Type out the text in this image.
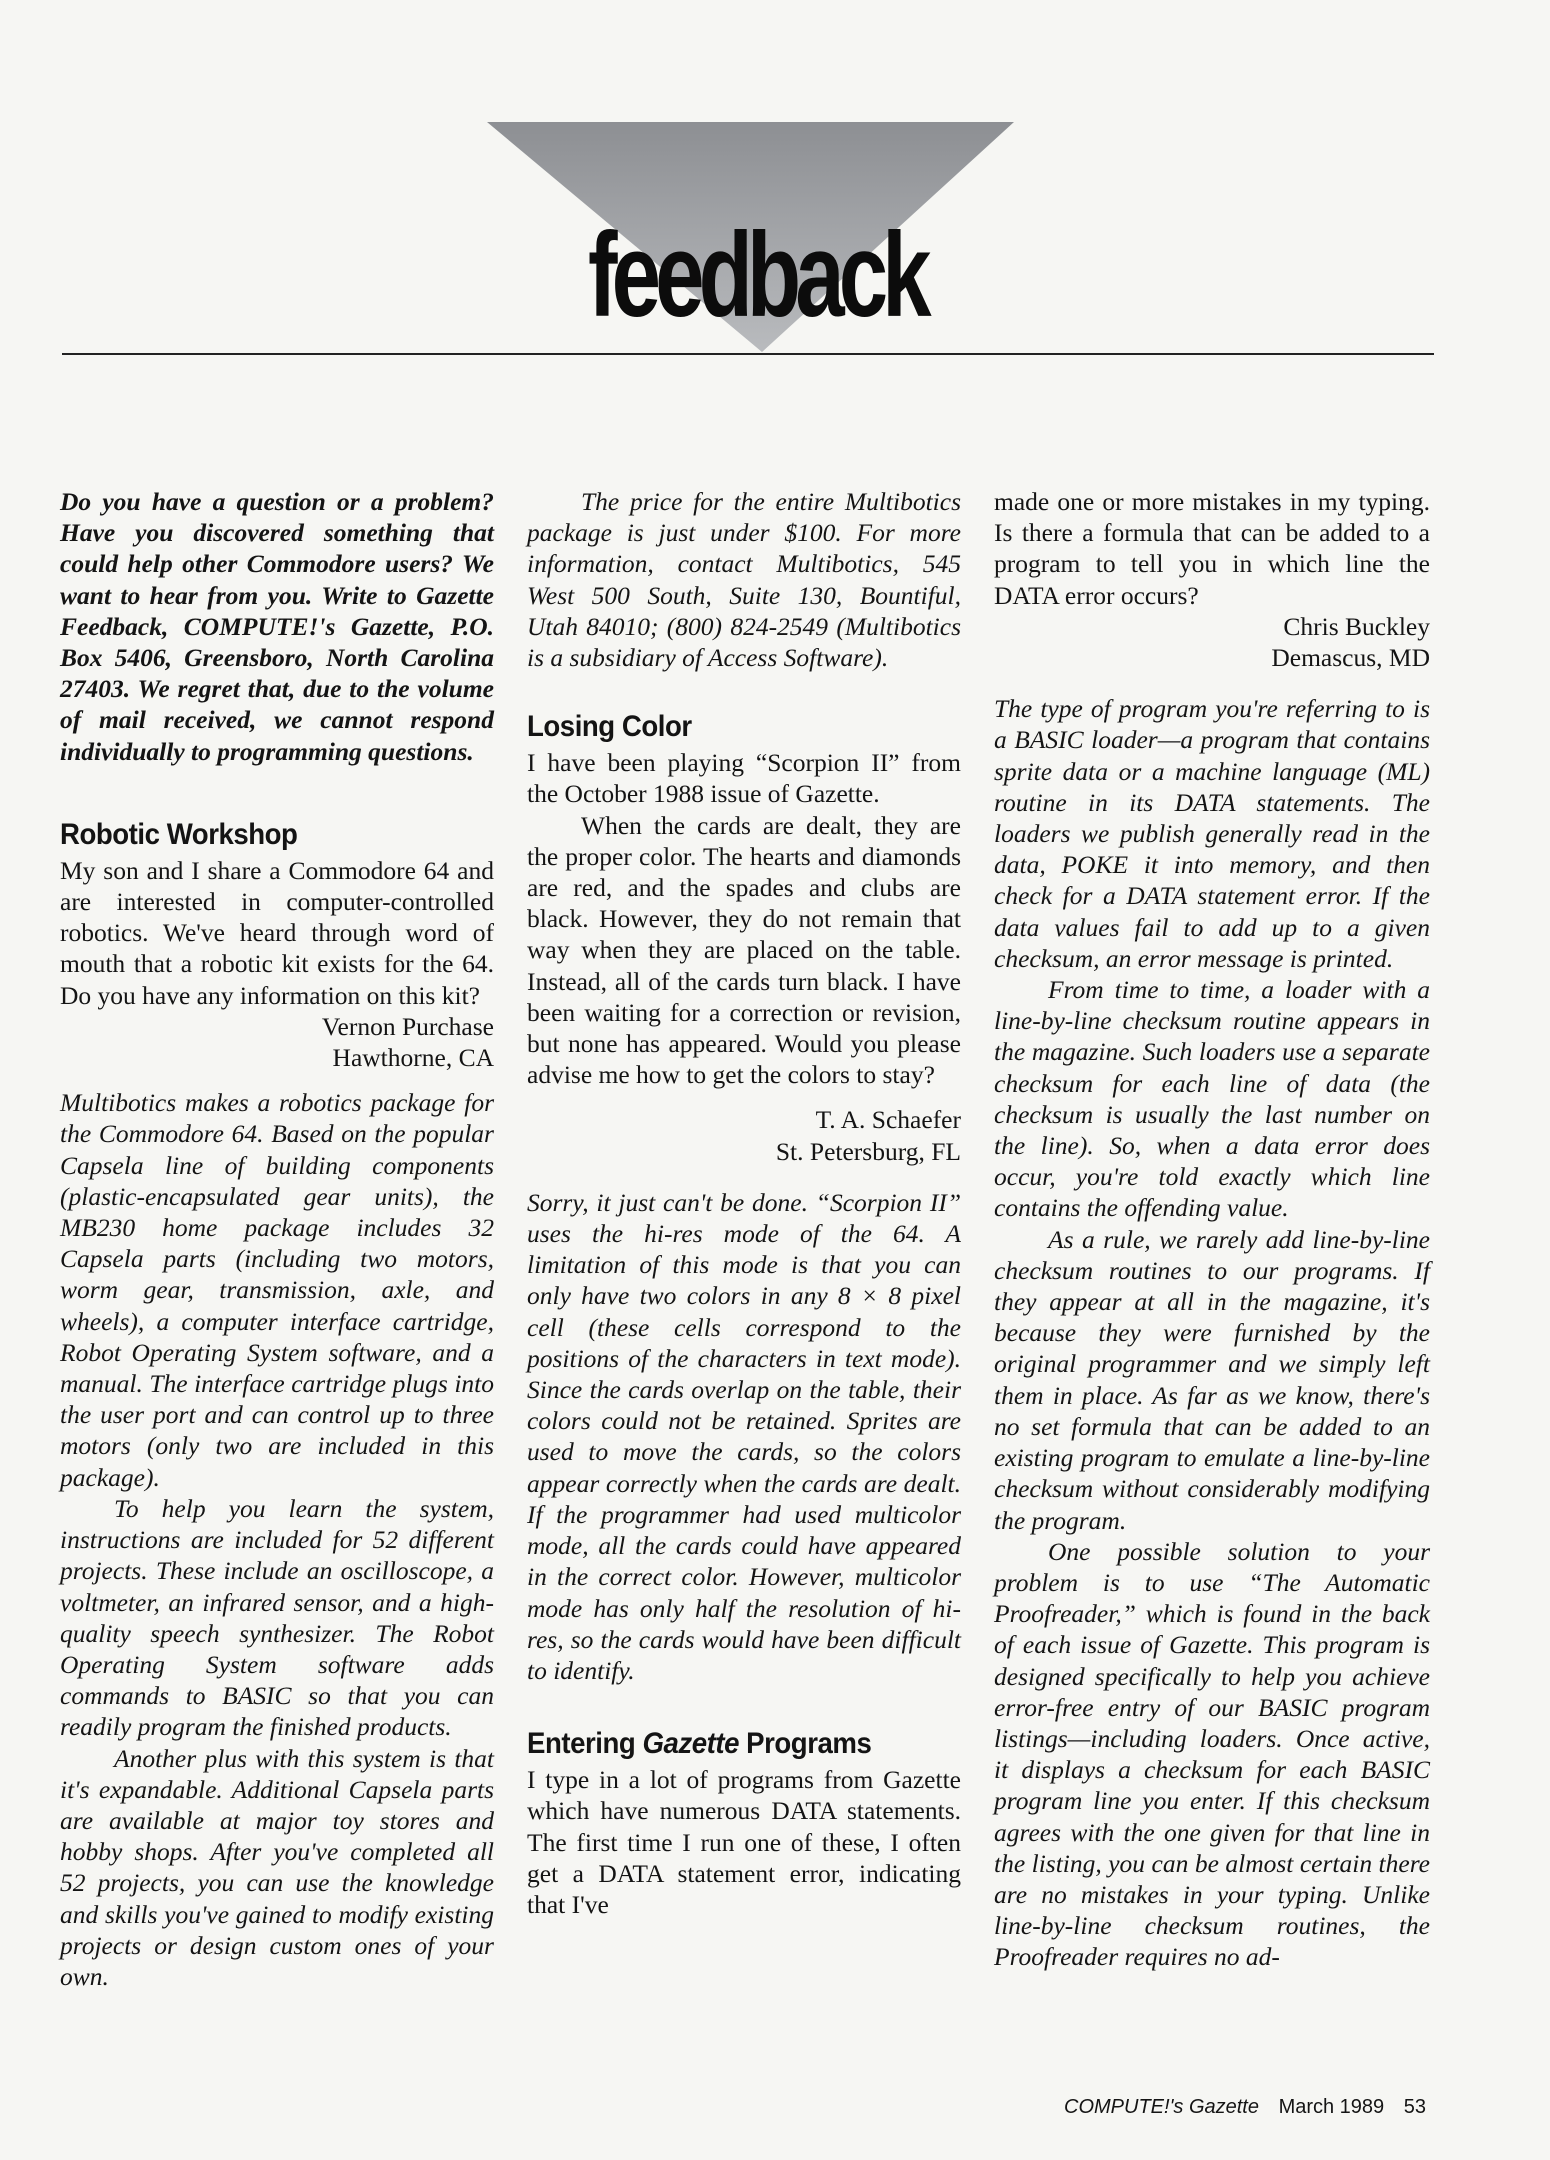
feedback

Do you have a question or a problem? Have you discovered something that could help other Commodore users? We want to hear from you. Write to Gazette Feedback, COMPUTE!'s Gazette, P.O. Box 5406, Greensboro, North Carolina 27403. We regret that, due to the volume of mail received, we cannot respond individually to programming questions.

Robotic Workshop

My son and I share a Commodore 64 and are interested in computer-controlled robotics. We've heard through word of mouth that a robotic kit exists for the 64. Do you have any information on this kit?

Vernon Purchase

Hawthorne, CA

Multibotics makes a robotics package for the Commodore 64. Based on the popular Capsela line of building components (plastic-encapsulated gear units), the MB230 home package includes 32 Capsela parts (including two motors, worm gear, transmission, axle, and wheels), a computer interface cartridge, Robot Operating System software, and a manual. The interface cartridge plugs into the user port and can control up to three motors (only two are included in this package).

To help you learn the system, instructions are included for 52 different projects. These include an oscilloscope, a voltmeter, an infrared sensor, and a high-quality speech synthesizer. The Robot Operating System software adds commands to BASIC so that you can readily program the finished products.

Another plus with this system is that it's expandable. Additional Capsela parts are available at major toy stores and hobby shops. After you've completed all 52 projects, you can use the knowledge and skills you've gained to modify existing projects or design custom ones of your own.

The price for the entire Multibotics package is just under $100. For more information, contact Multibotics, 545 West 500 South, Suite 130, Bountiful, Utah 84010; (800) 824-2549 (Multibotics is a subsidiary of Access Software).

Losing Color

I have been playing “Scorpion II” from the October 1988 issue of Gazette.

When the cards are dealt, they are the proper color. The hearts and diamonds are red, and the spades and clubs are black. However, they do not remain that way when they are placed on the table. Instead, all of the cards turn black. I have been waiting for a correction or revision, but none has appeared. Would you please advise me how to get the colors to stay?

T. A. Schaefer

St. Petersburg, FL

Sorry, it just can't be done. “Scorpion II” uses the hi-res mode of the 64. A limitation of this mode is that you can only have two colors in any 8 × 8 pixel cell (these cells correspond to the positions of the characters in text mode). Since the cards overlap on the table, their colors could not be retained. Sprites are used to move the cards, so the colors appear correctly when the cards are dealt. If the programmer had used multicolor mode, all the cards could have appeared in the correct color. However, multicolor mode has only half the resolution of hi-res, so the cards would have been difficult to identify.

Entering Gazette Programs

I type in a lot of programs from Gazette which have numerous DATA statements. The first time I run one of these, I often get a DATA statement error, indicating that I've

made one or more mistakes in my typing. Is there a formula that can be added to a program to tell you in which line the DATA error occurs?

Chris Buckley

Demascus, MD

The type of program you're referring to is a BASIC loader—a program that contains sprite data or a machine language (ML) routine in its DATA statements. The loaders we publish generally read in the data, POKE it into memory, and then check for a DATA statement error. If the data values fail to add up to a given checksum, an error message is printed.

From time to time, a loader with a line-by-line checksum routine appears in the magazine. Such loaders use a separate checksum for each line of data (the checksum is usually the last number on the line). So, when a data error does occur, you're told exactly which line contains the offending value.

As a rule, we rarely add line-by-line checksum routines to our programs. If they appear at all in the magazine, it's because they were furnished by the original programmer and we simply left them in place. As far as we know, there's no set formula that can be added to an existing program to emulate a line-by-line checksum without considerably modifying the program.

One possible solution to your problem is to use “The Automatic Proofreader,” which is found in the back of each issue of Gazette. This program is designed specifically to help you achieve error-free entry of our BASIC program listings—including loaders. Once active, it displays a checksum for each BASIC program line you enter. If this checksum agrees with the one given for that line in the listing, you can be almost certain there are no mistakes in your typing. Unlike line-by-line checksum routines, the Proofreader requires no ad-

COMPUTE!'s Gazette March 1989 53
